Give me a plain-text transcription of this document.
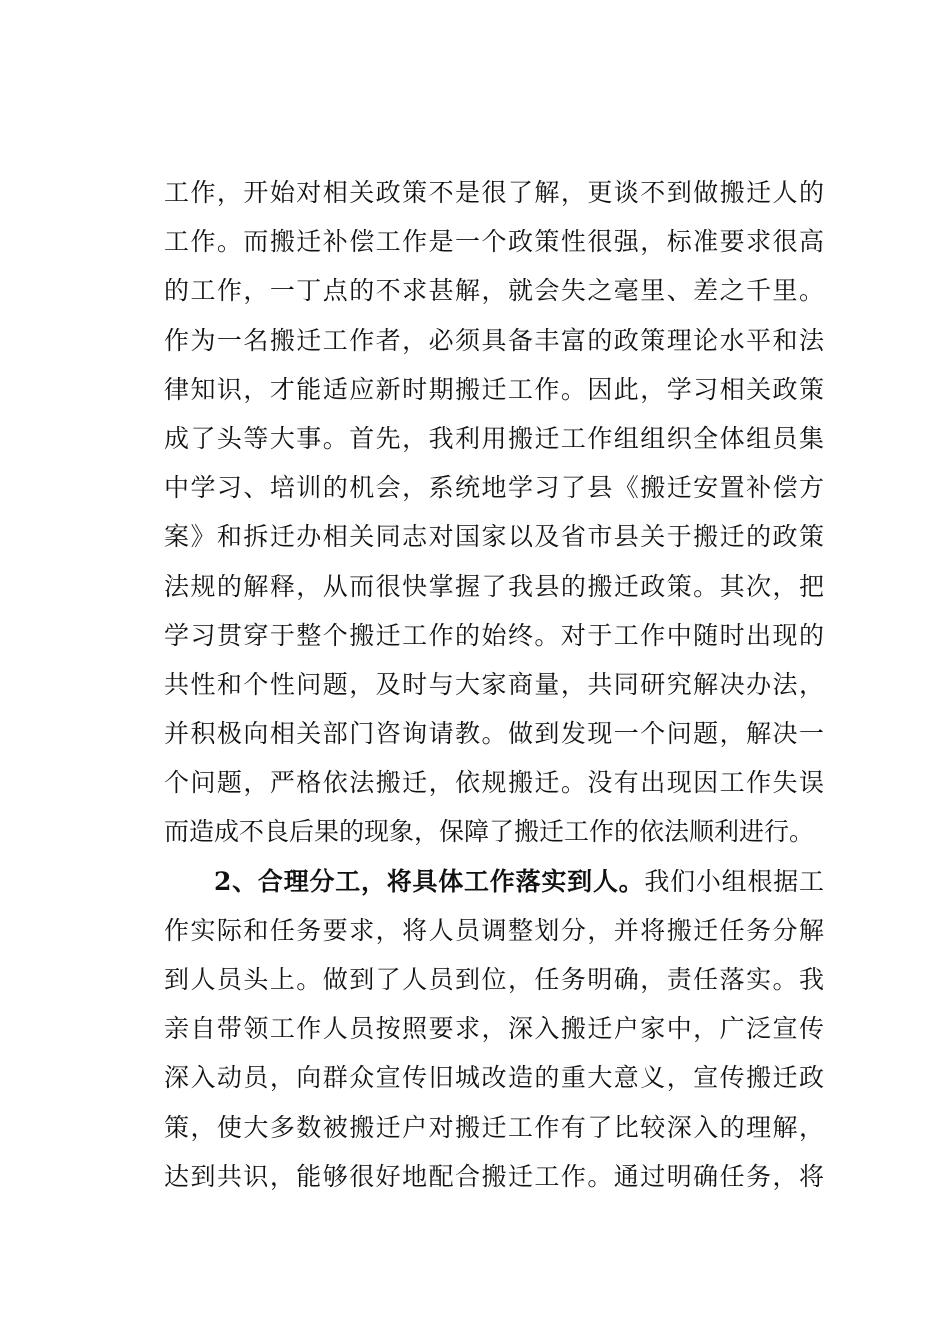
工作，开始对相关政策不是很了解，更谈不到做搬迁人的
工作。而搬迁补偿工作是一个政策性很强，标准要求很高
的工作，一丁点的不求甚解，就会失之毫里、差之千里。
作为一名搬迁工作者，必须具备丰富的政策理论水平和法
律知识，才能适应新时期搬迁工作。因此，学习相关政策
成了头等大事。首先，我利用搬迁工作组组织全体组员集
中学习、培训的机会，系统地学习了县《搬迁安置补偿方
案》和拆迁办相关同志对国家以及省市县关于搬迁的政策
法规的解释，从而很快掌握了我县的搬迁政策。其次，把
学习贯穿于整个搬迁工作的始终。对于工作中随时出现的
共性和个性问题，及时与大家商量，共同研究解决办法，
并积极向相关部门咨询请教。做到发现一个问题，解决一
个问题，严格依法搬迁，依规搬迁。没有出现因工作失误
而造成不良后果的现象，保障了搬迁工作的依法顺利进行。
2、合理分工，将具体工作落实到人。我们小组根据工
作实际和任务要求，将人员调整划分，并将搬迁任务分解
到人员头上。做到了人员到位，任务明确，责任落实。我
亲自带领工作人员按照要求，深入搬迁户家中，广泛宣传
深入动员，向群众宣传旧城改造的重大意义，宣传搬迁政
策，使大多数被搬迁户对搬迁工作有了比较深入的理解，
达到共识，能够很好地配合搬迁工作。通过明确任务，将
